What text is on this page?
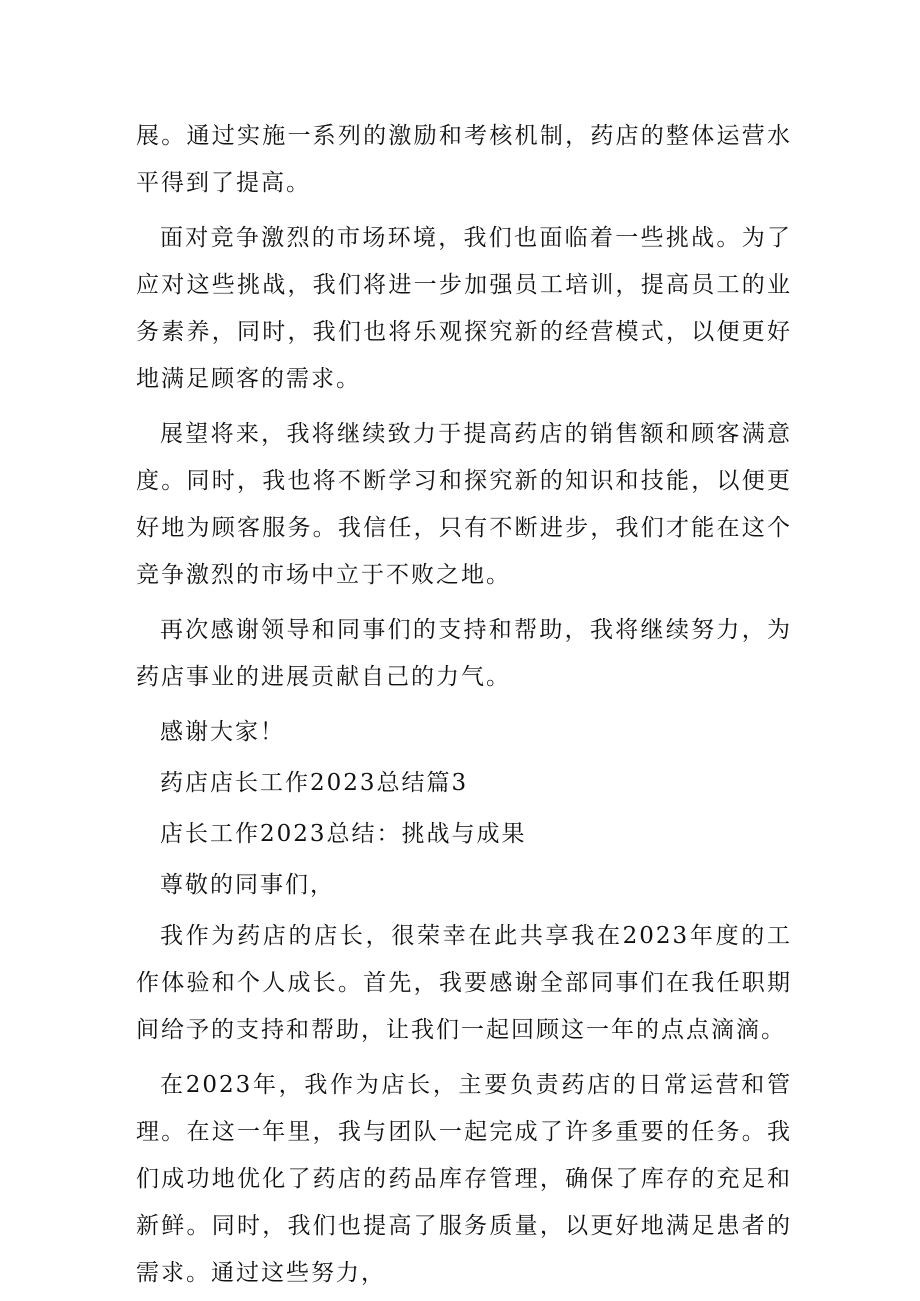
展。通过实施一系列的激励和考核机制，药店的整体运营水平得到了提高。

面对竞争激烈的市场环境，我们也面临着一些挑战。为了应对这些挑战，我们将进一步加强员工培训，提高员工的业务素养，同时，我们也将乐观探究新的经营模式，以便更好地满足顾客的需求。

展望将来，我将继续致力于提高药店的销售额和顾客满意度。同时，我也将不断学习和探究新的知识和技能，以便更好地为顾客服务。我信任，只有不断进步，我们才能在这个竞争激烈的市场中立于不败之地。

再次感谢领导和同事们的支持和帮助，我将继续努力，为药店事业的进展贡献自己的力气。

感谢大家！

药店店长工作2023总结篇3

店长工作2023总结：挑战与成果

尊敬的同事们，

我作为药店的店长，很荣幸在此共享我在2023年度的工作体验和个人成长。首先，我要感谢全部同事们在我任职期间给予的支持和帮助，让我们一起回顾这一年的点点滴滴。

在2023年，我作为店长，主要负责药店的日常运营和管理。在这一年里，我与团队一起完成了许多重要的任务。我们成功地优化了药店的药品库存管理，确保了库存的充足和新鲜。同时，我们也提高了服务质量，以更好地满足患者的需求。通过这些努力，
